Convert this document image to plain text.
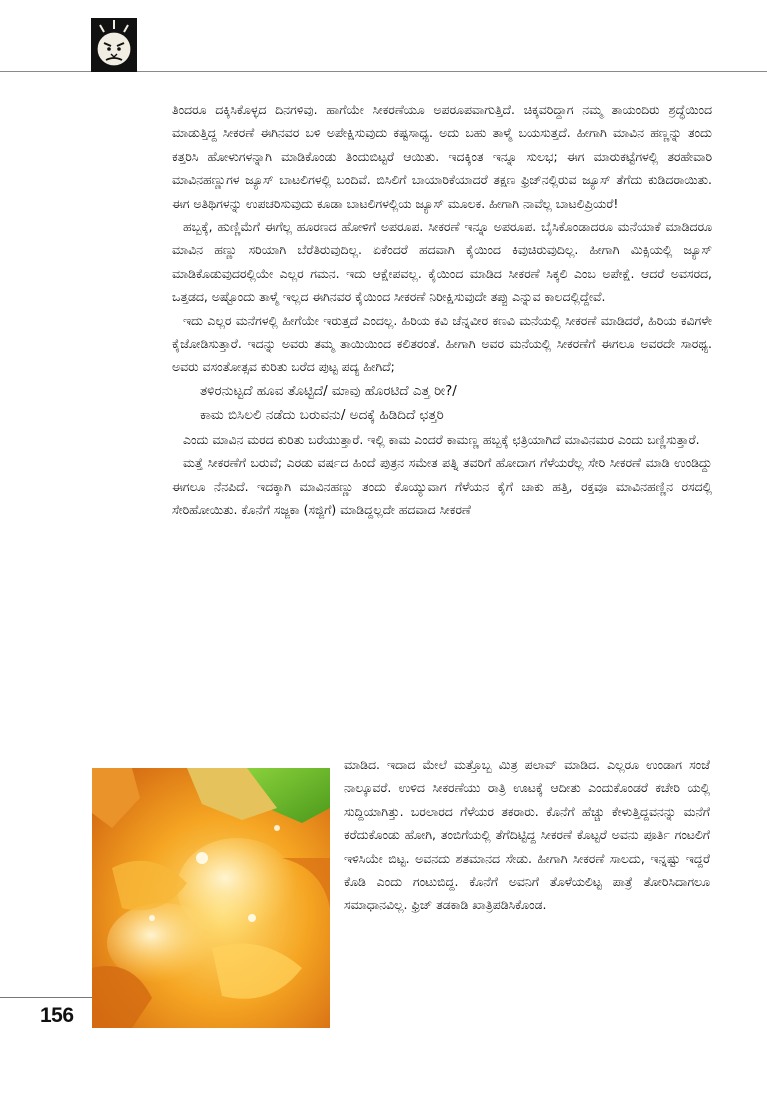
ತಿಂದರೂ ದಕ್ಕಿಸಿಕೊಳ್ಳದ ದಿನಗಳಿವು. ಹಾಗೆಯೇ ಸೀಕರಣೆಯೂ ಅಪರೂಪವಾಗುತ್ತಿದೆ. ಚಿಕ್ಕವರಿದ್ದಾಗ ನಮ್ಮ ತಾಯಂದಿರು ಶ್ರದ್ಧೆಯಿಂದ ಮಾಡುತ್ತಿದ್ದ ಸೀಕರಣೆ ಈಗಿನವರ ಬಳಿ ಅಪೇಕ್ಷಿಸುವುದು ಕಷ್ಟಸಾಧ್ಯ. ಅದು ಬಹು ತಾಳ್ಮೆ ಬಯಸುತ್ತದೆ. ಹೀಗಾಗಿ ಮಾವಿನ ಹಣ್ಣನ್ನು ತಂದು ಕತ್ತರಿಸಿ ಹೋಳುಗಳನ್ನಾಗಿ ಮಾಡಿಕೊಂಡು ತಿಂದುಬಿಟ್ಟರೆ ಆಯಿತು. ಇದಕ್ಕಿಂತ ಇನ್ನೂ ಸುಲಭ; ಈಗ ಮಾರುಕಟ್ಟೆಗಳಲ್ಲಿ ತರಹೇವಾರಿ ಮಾವಿನಹಣ್ಣುಗಳ ಜ್ಯೂಸ್ ಬಾಟಲಿಗಳಲ್ಲಿ ಬಂದಿವೆ. ಬಿಸಿಲಿಗೆ ಬಾಯಾರಿಕೆಯಾದರೆ ತಕ್ಷಣ ಫ್ರಿಜ್‌ನಲ್ಲಿರುವ ಜ್ಯೂಸ್ ತೆಗೆದು ಕುಡಿದರಾಯಿತು. ಈಗ ಅತಿಥಿಗಳನ್ನು ಉಪಚರಿಸುವುದು ಕೂಡಾ ಬಾಟಲಿಗಳಲ್ಲಿಯ ಜ್ಯೂಸ್ ಮೂಲಕ. ಹೀಗಾಗಿ ನಾವೆಲ್ಲ ಬಾಟಲಿಪ್ರಿಯರೆ!

ಹಬ್ಬಕ್ಕೆ, ಹುಣ್ಣಿಮೆಗೆ ಈಗೆಲ್ಲ ಹೂರಣದ ಹೋಳಿಗೆ ಅಪರೂಪ. ಸೀಕರಣೆ ಇನ್ನೂ ಅಪರೂಪ. ಬೈಸಿಕೊಂಡಾದರೂ ಮನೆಯಾಕೆ ಮಾಡಿದರೂ ಮಾವಿನ ಹಣ್ಣು ಸರಿಯಾಗಿ ಬೆರೆತಿರುವುದಿಲ್ಲ. ಏಕೆಂದರೆ ಹದವಾಗಿ ಕೈಯಿಂದ ಕಿವುಚಿರುವುದಿಲ್ಲ. ಹೀಗಾಗಿ ಮಿಕ್ಸಿಯಲ್ಲಿ ಜ್ಯೂಸ್ ಮಾಡಿಕೊಡುವುದರಲ್ಲಿಯೇ ಎಲ್ಲರ ಗಮನ. ಇದು ಆಕ್ಷೇಪವಲ್ಲ. ಕೈಯಿಂದ ಮಾಡಿದ ಸೀಕರಣೆ ಸಿಕ್ಕಲಿ ಎಂಬ ಅಪೇಕ್ಷೆ. ಆದರೆ ಅವಸರದ, ಒತ್ತಡದ, ಅಷ್ಟೊಂದು ತಾಳ್ಮೆ ಇಲ್ಲದ ಈಗಿನವರ ಕೈಯಿಂದ ಸೀಕರಣೆ ನಿರೀಕ್ಷಿಸುವುದೇ ತಪ್ಪು ಎನ್ನುವ ಕಾಲದಲ್ಲಿದ್ದೇವೆ.

ಇದು ಎಲ್ಲರ ಮನೆಗಳಲ್ಲಿ ಹೀಗೆಯೇ ಇರುತ್ತದೆ ಎಂದಲ್ಲ. ಹಿರಿಯ ಕವಿ ಚೆನ್ನವೀರ ಕಣವಿ ಮನೆಯಲ್ಲಿ ಸೀಕರಣೆ ಮಾಡಿದರೆ, ಹಿರಿಯ ಕವಿಗಳೇ ಕೈಜೋಡಿಸುತ್ತಾರೆ. ಇದನ್ನು ಅವರು ತಮ್ಮ ತಾಯಿಯಿಂದ ಕಲಿತರಂತೆ. ಹೀಗಾಗಿ ಅವರ ಮನೆಯಲ್ಲಿ ಸೀಕರಣೆಗೆ ಈಗಲೂ ಅವರದೇ ಸಾರಥ್ಯ. ಅವರು ವಸಂತೋತ್ಸವ ಕುರಿತು ಬರೆದ ಪುಟ್ಟ ಪದ್ಯ ಹೀಗಿದೆ;

ತಳಿರನುಟ್ಟದೆ ಹೂವ ತೊಟ್ಟಿದೆ/ ಮಾವು ಹೊರಟಿದೆ ಎತ್ತ ರೀ?/
ಕಾಮ ಬಿಸಿಲಲಿ ನಡೆದು ಬರುವನು/ ಅದಕ್ಕೆ ಹಿಡಿದಿದೆ ಛತ್ತರಿ

ಎಂದು ಮಾವಿನ ಮರದ ಕುರಿತು ಬರೆಯುತ್ತಾರೆ. ಇಲ್ಲಿ ಕಾಮ ಎಂದರೆ ಕಾಮಣ್ಣ ಹಬ್ಬಕ್ಕೆ ಛತ್ರಿಯಾಗಿದೆ ಮಾವಿನಮರ ಎಂದು ಬಣ್ಣಿಸುತ್ತಾರೆ.

ಮತ್ತೆ ಸೀಕರಣೆಗೆ ಬರುವೆ; ಎರಡು ವರ್ಷದ ಹಿಂದೆ ಪುತ್ರನ ಸಮೇತ ಪತ್ನಿ ತವರಿಗೆ ಹೋದಾಗ ಗೆಳೆಯರೆಲ್ಲ ಸೇರಿ ಸೀಕರಣೆ ಮಾಡಿ ಉಂಡಿದ್ದು ಈಗಲೂ ನೆನಪಿದೆ. ಇದಕ್ಕಾಗಿ ಮಾವಿನಹಣ್ಣು ತಂದು ಕೊಯ್ಯುವಾಗ ಗೆಳೆಯನ ಕೈಗೆ ಚಾಕು ಹತ್ತಿ, ರಕ್ತವೂ ಮಾವಿನಹಣ್ಣಿನ ರಸದಲ್ಲಿ ಸೇರಿಹೋಯಿತು. ಕೊನೆಗೆ ಸಜ್ಜಕಾ (ಸಜ್ಜಿಗೆ) ಮಾಡಿದ್ದಲ್ಲದೇ ಹದವಾದ ಸೀಕರಣೆ

ಮಾಡಿದ. ಇದಾದ ಮೇಲೆ ಮತ್ತೊಬ್ಬ ಮಿತ್ರ ಪಲಾವ್ ಮಾಡಿದ. ಎಲ್ಲರೂ ಉಂಡಾಗ ಸಂಜೆ ನಾಲ್ಕೂವರೆ. ಉಳಿದ ಸೀಕರಣೆಯು ರಾತ್ರಿ ಊಟಕ್ಕೆ ಆದೀತು ಎಂದುಕೊಂಡರೆ ಕಚೇರಿ ಯಲ್ಲಿ ಸುದ್ದಿಯಾಗಿತ್ತು. ಬರಲಾರದ ಗೆಳೆಯರ ತಕರಾರು. ಕೊನೆಗೆ ಹೆಚ್ಚು ಕೇಳುತ್ತಿದ್ದವನನ್ನು ಮನೆಗೆ ಕರೆದುಕೊಂಡು ಹೋಗಿ, ತಂಬಿಗೆಯಲ್ಲಿ ತೆಗೆದಿಟ್ಟಿದ್ದ ಸೀಕರಣೆ ಕೊಟ್ಟರೆ ಅವನು ಪೂರ್ತಿ ಗಂಟಲಿಗೆ ಇಳಿಸಿಯೇ ಬಿಟ್ಟ. ಅವನದು ಶತಮಾನದ ಸೇಡು. ಹೀಗಾಗಿ ಸೀಕರಣೆ ಸಾಲದು, ಇನ್ನಷ್ಟು ಇದ್ದರೆ ಕೊಡಿ ಎಂದು ಗಂಟುಬಿದ್ದ. ಕೊನೆಗೆ ಅವನಿಗೆ ತೊಳೆಯಲಿಟ್ಟ ಪಾತ್ರೆ ತೋರಿಸಿದಾಗಲೂ ಸಮಾಧಾನವಿಲ್ಲ. ಫ್ರಿಜ್ ತಡಕಾಡಿ ಖಾತ್ರಿಪಡಿಸಿಕೊಂಡ.
156
